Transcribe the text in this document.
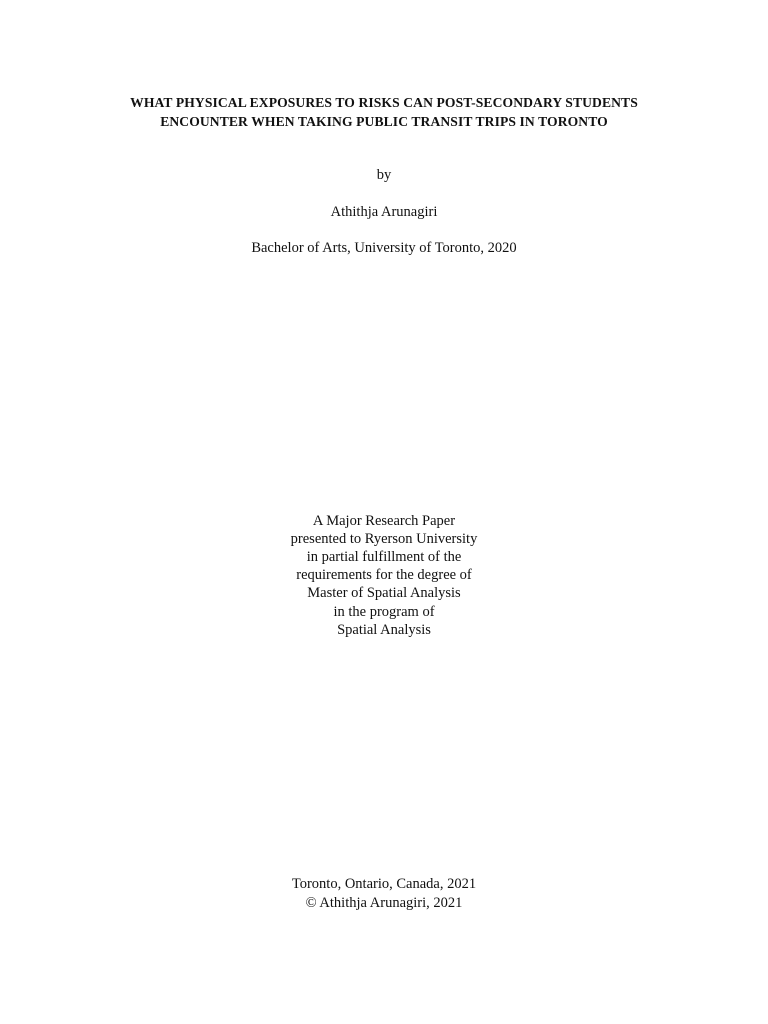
WHAT PHYSICAL EXPOSURES TO RISKS CAN POST-SECONDARY STUDENTS
ENCOUNTER WHEN TAKING PUBLIC TRANSIT TRIPS IN TORONTO
by
Athithja Arunagiri
Bachelor of Arts, University of Toronto, 2020
A Major Research Paper
presented to Ryerson University
in partial fulfillment of the
requirements for the degree of
Master of Spatial Analysis
in the program of
Spatial Analysis
Toronto, Ontario, Canada, 2021
© Athithja Arunagiri, 2021
